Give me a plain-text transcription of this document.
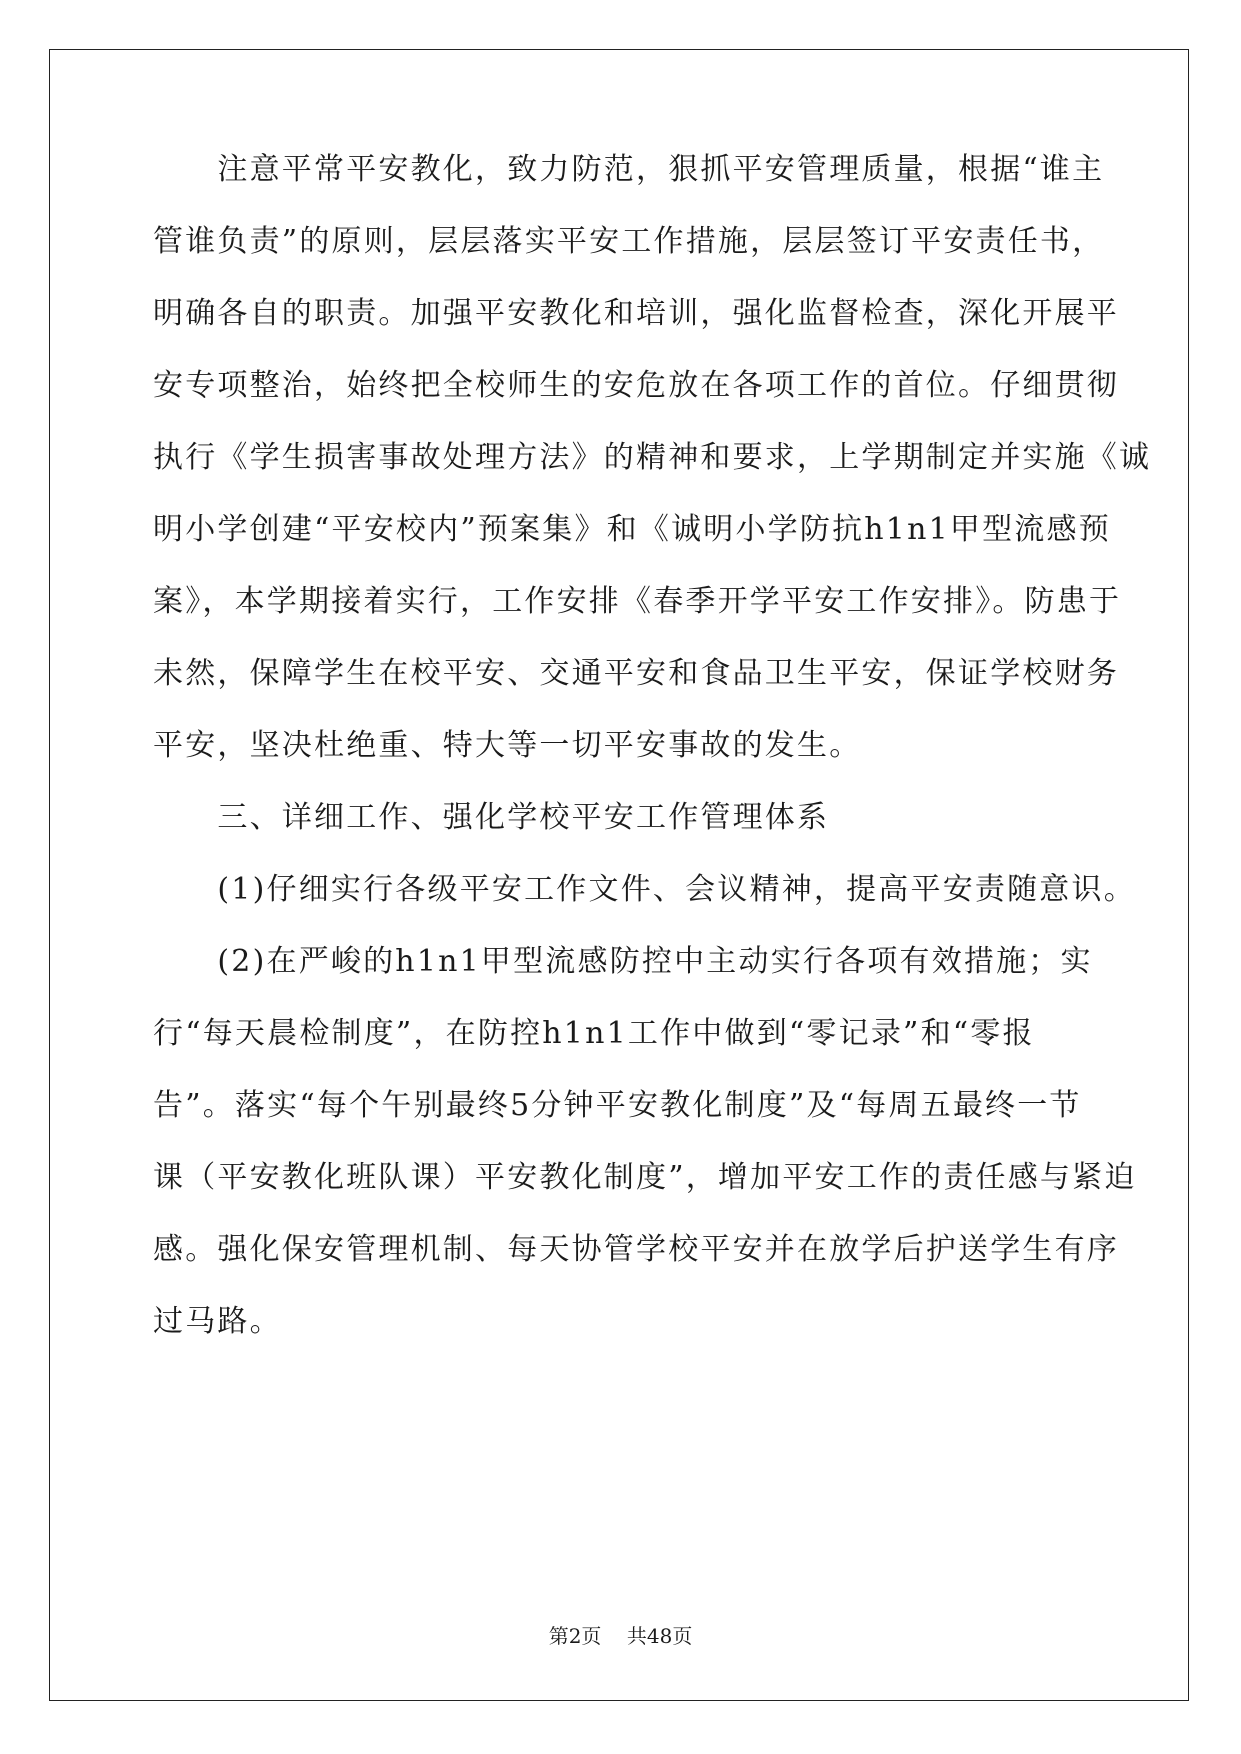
　　注意平常平安教化，致力防范，狠抓平安管理质量，根据“谁主
管谁负责”的原则，层层落实平安工作措施，层层签订平安责任书，
明确各自的职责。加强平安教化和培训，强化监督检查，深化开展平
安专项整治，始终把全校师生的安危放在各项工作的首位。仔细贯彻
执行《学生损害事故处理方法》的精神和要求，上学期制定并实施《诚
明小学创建“平安校内”预案集》和《诚明小学防抗h1n1甲型流感预
案》，本学期接着实行，工作安排《春季开学平安工作安排》。防患于
未然，保障学生在校平安、交通平安和食品卫生平安，保证学校财务
平安，坚决杜绝重、特大等一切平安事故的发生。
　　三、详细工作、强化学校平安工作管理体系
　　(1)仔细实行各级平安工作文件、会议精神，提高平安责随意识。
　　(2)在严峻的h1n1甲型流感防控中主动实行各项有效措施；实
行“每天晨检制度”，在防控h1n1工作中做到“零记录”和“零报
告”。落实“每个午别最终5分钟平安教化制度”及“每周五最终一节
课（平安教化班队课）平安教化制度”，增加平安工作的责任感与紧迫
感。强化保安管理机制、每天协管学校平安并在放学后护送学生有序
过马路。
第2页 共48页
